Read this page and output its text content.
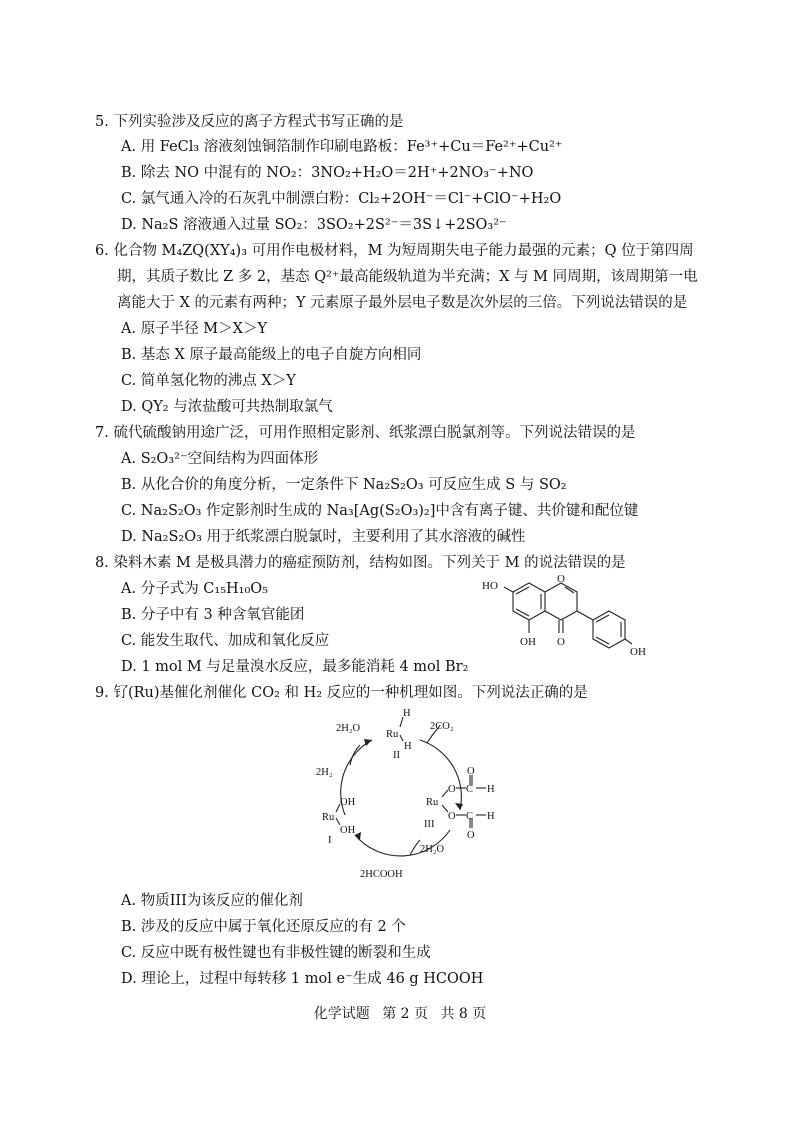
5. 下列实验涉及反应的离子方程式书写正确的是
A. 用 FeCl₃ 溶液刻蚀铜箔制作印刷电路板：Fe³⁺+Cu＝Fe²⁺+Cu²⁺
B. 除去 NO 中混有的 NO₂：3NO₂+H₂O＝2H⁺+2NO₃⁻+NO
C. 氯气通入冷的石灰乳中制漂白粉：Cl₂+2OH⁻＝Cl⁻+ClO⁻+H₂O
D. Na₂S 溶液通入过量 SO₂：3SO₂+2S²⁻＝3S↓+2SO₃²⁻
6. 化合物 M₄ZQ(XY₄)₃ 可用作电极材料，M 为短周期失电子能力最强的元素；Q 位于第四周
期，其质子数比 Z 多 2，基态 Q²⁺最高能级轨道为半充满；X 与 M 同周期，该周期第一电
离能大于 X 的元素有两种；Y 元素原子最外层电子数是次外层的三倍。下列说法错误的是
A. 原子半径 M＞X＞Y
B. 基态 X 原子最高能级上的电子自旋方向相同
C. 简单氢化物的沸点 X＞Y
D. QY₂ 与浓盐酸可共热制取氯气
7. 硫代硫酸钠用途广泛，可用作照相定影剂、纸浆漂白脱氯剂等。下列说法错误的是
A. S₂O₃²⁻空间结构为四面体形
B. 从化合价的角度分析，一定条件下 Na₂S₂O₃ 可反应生成 S 与 SO₂
C. Na₂S₂O₃ 作定影剂时生成的 Na₃[Ag(S₂O₃)₂]中含有离子键、共价键和配位键
D. Na₂S₂O₃ 用于纸浆漂白脱氯时，主要利用了其水溶液的碱性
8. 染料木素 M 是极具潜力的癌症预防剂，结构如图。下列关于 M 的说法错误的是
A. 分子式为 C₁₅H₁₀O₅
B. 分子中有 3 种含氧官能团
C. 能发生取代、加成和氧化反应
D. 1 mol M 与足量溴水反应，最多能消耗 4 mol Br₂
HO
O
OH O
OH
9. 钌(Ru)基催化剂催化 CO₂ 和 H₂ 反应的一种机理如图。下列说法正确的是
2H₂O
2H₂
2CO₂
2H₂O
2HCOOH
Ru
H
H
II
Ru
OH
OH
I
Ru
O C
O
H
O C
O
H
III
A. 物质III为该反应的催化剂
B. 涉及的反应中属于氧化还原反应的有 2 个
C. 反应中既有极性键也有非极性键的断裂和生成
D. 理论上，过程中每转移 1 mol e⁻生成 46 g HCOOH
化学试题 第 2 页 共 8 页
